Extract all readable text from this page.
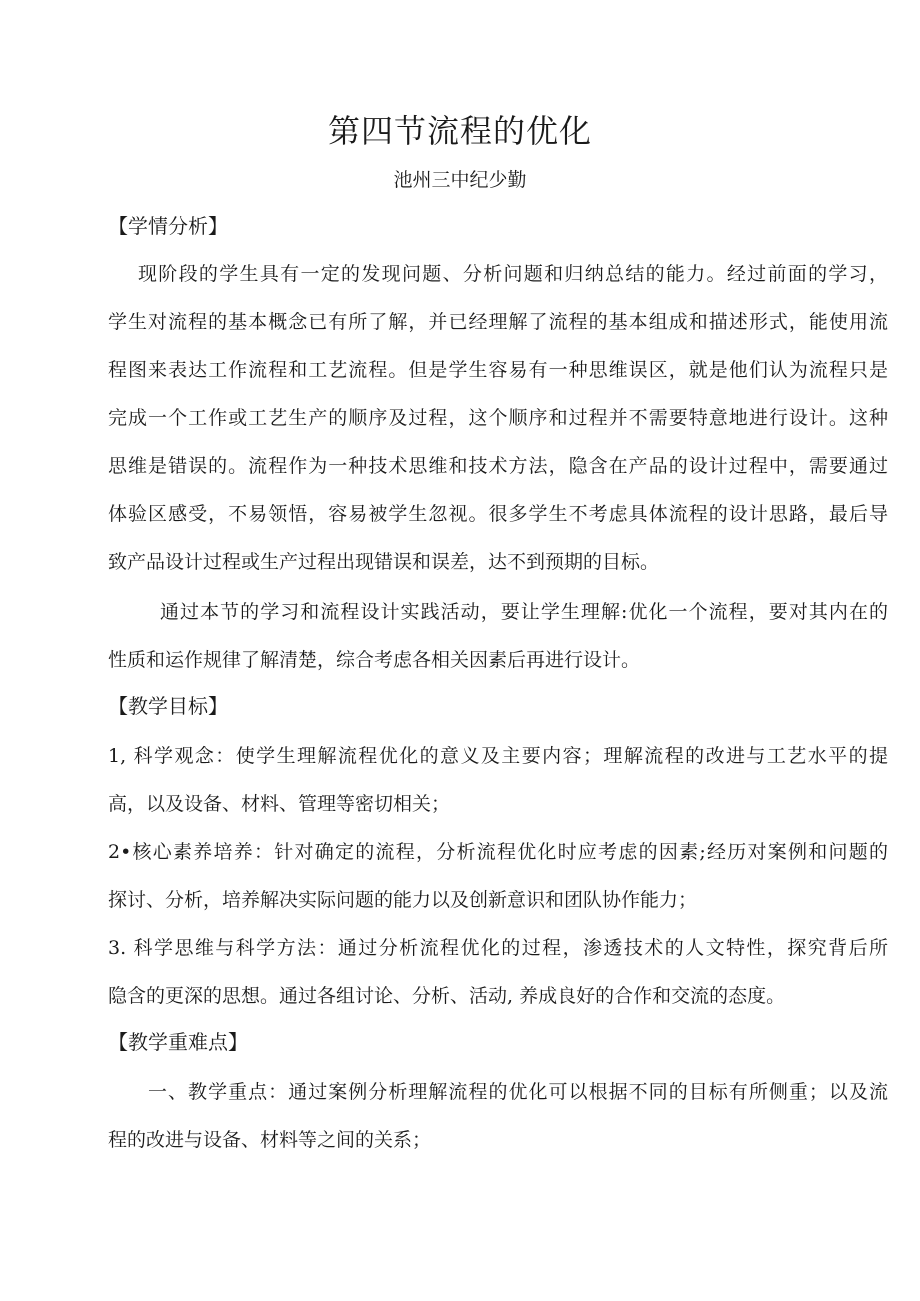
第四节流程的优化
池州三中纪少勤
【学情分析】
现阶段的学生具有一定的发现问题、分析问题和归纳总结的能力。经过前面的学习，
学生对流程的基本概念已有所了解，并已经理解了流程的基本组成和描述形式，能使用流
程图来表达工作流程和工艺流程。但是学生容易有一种思维误区，就是他们认为流程只是
完成一个工作或工艺生产的顺序及过程，这个顺序和过程并不需要特意地进行设计。这种
思维是错误的。流程作为一种技术思维和技术方法，隐含在产品的设计过程中，需要通过
体验区感受，不易领悟，容易被学生忽视。很多学生不考虑具体流程的设计思路，最后导
致产品设计过程或生产过程出现错误和误差，达不到预期的目标。
通过本节的学习和流程设计实践活动，要让学生理解:优化一个流程，要对其内在的
性质和运作规律了解清楚，综合考虑各相关因素后再进行设计。
【教学目标】
1, 科学观念：使学生理解流程优化的意义及主要内容；理解流程的改进与工艺水平的提
高，以及设备、材料、管理等密切相关；
2•核心素养培养：针对确定的流程，分析流程优化时应考虑的因素;经历对案例和问题的
探讨、分析，培养解决实际问题的能力以及创新意识和团队协作能力；
3. 科学思维与科学方法：通过分析流程优化的过程，渗透技术的人文特性，探究背后所
隐含的更深的思想。通过各组讨论、分析、活动, 养成良好的合作和交流的态度。
【教学重难点】
一、教学重点：通过案例分析理解流程的优化可以根据不同的目标有所侧重；以及流
程的改进与设备、材料等之间的关系；
